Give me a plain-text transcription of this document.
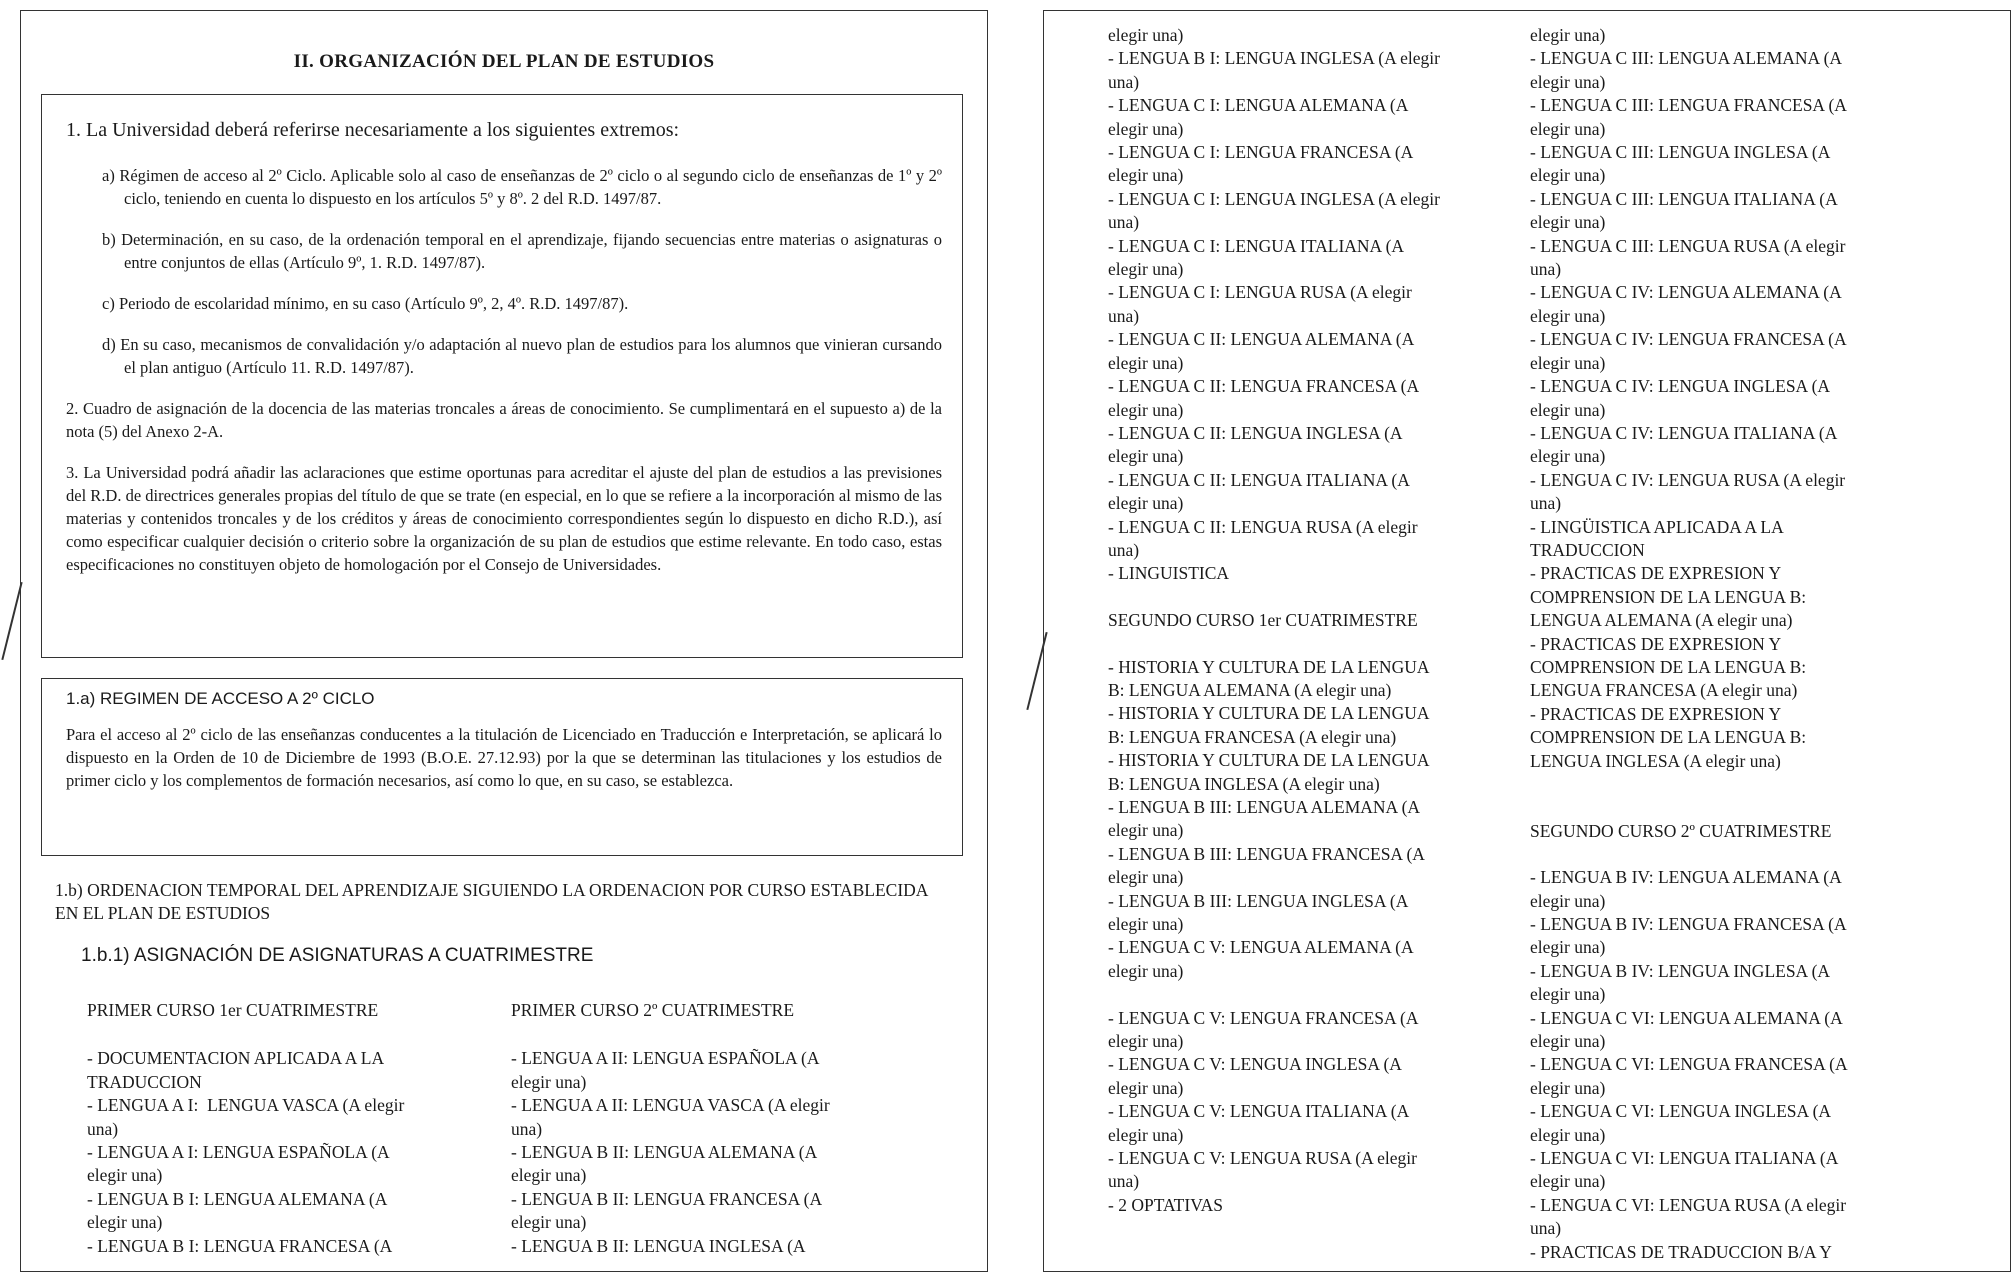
II. ORGANIZACIÓN DEL PLAN DE ESTUDIOS

1. La Universidad deberá referirse necesariamente a los siguientes extremos:

a) Régimen de acceso al 2º Ciclo. Aplicable solo al caso de enseñanzas de 2º ciclo o al segundo ciclo de enseñanzas de 1º y 2º ciclo, teniendo en cuenta lo dispuesto en los artículos 5º y 8º. 2 del R.D. 1497/87.

b) Determinación, en su caso, de la ordenación temporal en el aprendizaje, fijando secuencias entre materias o asignaturas o entre conjuntos de ellas (Artículo 9º, 1. R.D. 1497/87).

c) Periodo de escolaridad mínimo, en su caso (Artículo 9º, 2, 4º. R.D. 1497/87).

d) En su caso, mecanismos de convalidación y/o adaptación al nuevo plan de estudios para los alumnos que vinieran cursando el plan antiguo (Artículo 11. R.D. 1497/87).

2. Cuadro de asignación de la docencia de las materias troncales a áreas de conocimiento. Se cumplimentará en el supuesto a) de la nota (5) del Anexo 2-A.

3. La Universidad podrá añadir las aclaraciones que estime oportunas para acreditar el ajuste del plan de estudios a las previsiones del R.D. de directrices generales propias del título de que se trate (en especial, en lo que se refiere a la incorporación al mismo de las materias y contenidos troncales y de los créditos y áreas de conocimiento correspondientes según lo dispuesto en dicho R.D.), así como especificar cualquier decisión o criterio sobre la organización de su plan de estudios que estime relevante. En todo caso, estas especificaciones no constituyen objeto de homologación por el Consejo de Universidades.

1.a) REGIMEN DE ACCESO A 2º CICLO

Para el acceso al 2º ciclo de las enseñanzas conducentes a la titulación de Licenciado en Traducción e Interpretación, se aplicará lo dispuesto en la Orden de 10 de Diciembre de 1993 (B.O.E. 27.12.93) por la que se determinan las titulaciones y los estudios de primer ciclo y los complementos de formación necesarios, así como lo que, en su caso, se establezca.

1.b) ORDENACION TEMPORAL DEL APRENDIZAJE SIGUIENDO LA ORDENACION POR CURSO ESTABLECIDA EN EL PLAN DE ESTUDIOS
1.b.1) ASIGNACIÓN DE ASIGNATURAS A CUATRIMESTRE
PRIMER CURSO 1er CUATRIMESTRE
- DOCUMENTACION APLICADA A LA
TRADUCCION
- LENGUA A I:  LENGUA VASCA (A elegir
una)
- LENGUA A I: LENGUA ESPAÑOLA (A
elegir una)
- LENGUA B I: LENGUA ALEMANA (A
elegir una)
- LENGUA B I: LENGUA FRANCESA (A
PRIMER CURSO 2º CUATRIMESTRE
- LENGUA A II: LENGUA ESPAÑOLA (A
elegir una)
- LENGUA A II: LENGUA VASCA (A elegir
una)
- LENGUA B II: LENGUA ALEMANA (A
elegir una)
- LENGUA B II: LENGUA FRANCESA (A
elegir una)
- LENGUA B II: LENGUA INGLESA (A
elegir una)
- LENGUA B I: LENGUA INGLESA (A elegir
una)
- LENGUA C I: LENGUA ALEMANA (A
elegir una)
- LENGUA C I: LENGUA FRANCESA (A
elegir una)
- LENGUA C I: LENGUA INGLESA (A elegir
una)
- LENGUA C I: LENGUA ITALIANA (A
elegir una)
- LENGUA C I: LENGUA RUSA (A elegir
una)
- LENGUA C II: LENGUA ALEMANA (A
elegir una)
- LENGUA C II: LENGUA FRANCESA (A
elegir una)
- LENGUA C II: LENGUA INGLESA (A
elegir una)
- LENGUA C II: LENGUA ITALIANA (A
elegir una)
- LENGUA C II: LENGUA RUSA (A elegir
una)
- LINGUISTICA
SEGUNDO CURSO 1er CUATRIMESTRE
- HISTORIA Y CULTURA DE LA LENGUA
B: LENGUA ALEMANA (A elegir una)
- HISTORIA Y CULTURA DE LA LENGUA
B: LENGUA FRANCESA (A elegir una)
- HISTORIA Y CULTURA DE LA LENGUA
B: LENGUA INGLESA (A elegir una)
- LENGUA B III: LENGUA ALEMANA (A
elegir una)
- LENGUA B III: LENGUA FRANCESA (A
elegir una)
- LENGUA B III: LENGUA INGLESA (A
elegir una)
- LENGUA C V: LENGUA ALEMANA (A
elegir una)

- LENGUA C V: LENGUA FRANCESA (A
elegir una)
- LENGUA C V: LENGUA INGLESA (A
elegir una)
- LENGUA C V: LENGUA ITALIANA (A
elegir una)
- LENGUA C V: LENGUA RUSA (A elegir
una)
- 2 OPTATIVAS
elegir una)
- LENGUA C III: LENGUA ALEMANA (A
elegir una)
- LENGUA C III: LENGUA FRANCESA (A
elegir una)
- LENGUA C III: LENGUA INGLESA (A
elegir una)
- LENGUA C III: LENGUA ITALIANA (A
elegir una)
- LENGUA C III: LENGUA RUSA (A elegir
una)
- LENGUA C IV: LENGUA ALEMANA (A
elegir una)
- LENGUA C IV: LENGUA FRANCESA (A
elegir una)
- LENGUA C IV: LENGUA INGLESA (A
elegir una)
- LENGUA C IV: LENGUA ITALIANA (A
elegir una)
- LENGUA C IV: LENGUA RUSA (A elegir
una)
- LINGÜISTICA APLICADA A LA
TRADUCCION
- PRACTICAS DE EXPRESION Y
COMPRENSION DE LA LENGUA B:
LENGUA ALEMANA (A elegir una)
- PRACTICAS DE EXPRESION Y
COMPRENSION DE LA LENGUA B:
LENGUA FRANCESA (A elegir una)
- PRACTICAS DE EXPRESION Y
COMPRENSION DE LA LENGUA B:
LENGUA INGLESA (A elegir una)
SEGUNDO CURSO 2º CUATRIMESTRE
- LENGUA B IV: LENGUA ALEMANA (A
elegir una)
- LENGUA B IV: LENGUA FRANCESA (A
elegir una)
- LENGUA B IV: LENGUA INGLESA (A
elegir una)
- LENGUA C VI: LENGUA ALEMANA (A
elegir una)
- LENGUA C VI: LENGUA FRANCESA (A
elegir una)
- LENGUA C VI: LENGUA INGLESA (A
elegir una)
- LENGUA C VI: LENGUA ITALIANA (A
elegir una)
- LENGUA C VI: LENGUA RUSA (A elegir
una)
- PRACTICAS DE TRADUCCION B/A Y
